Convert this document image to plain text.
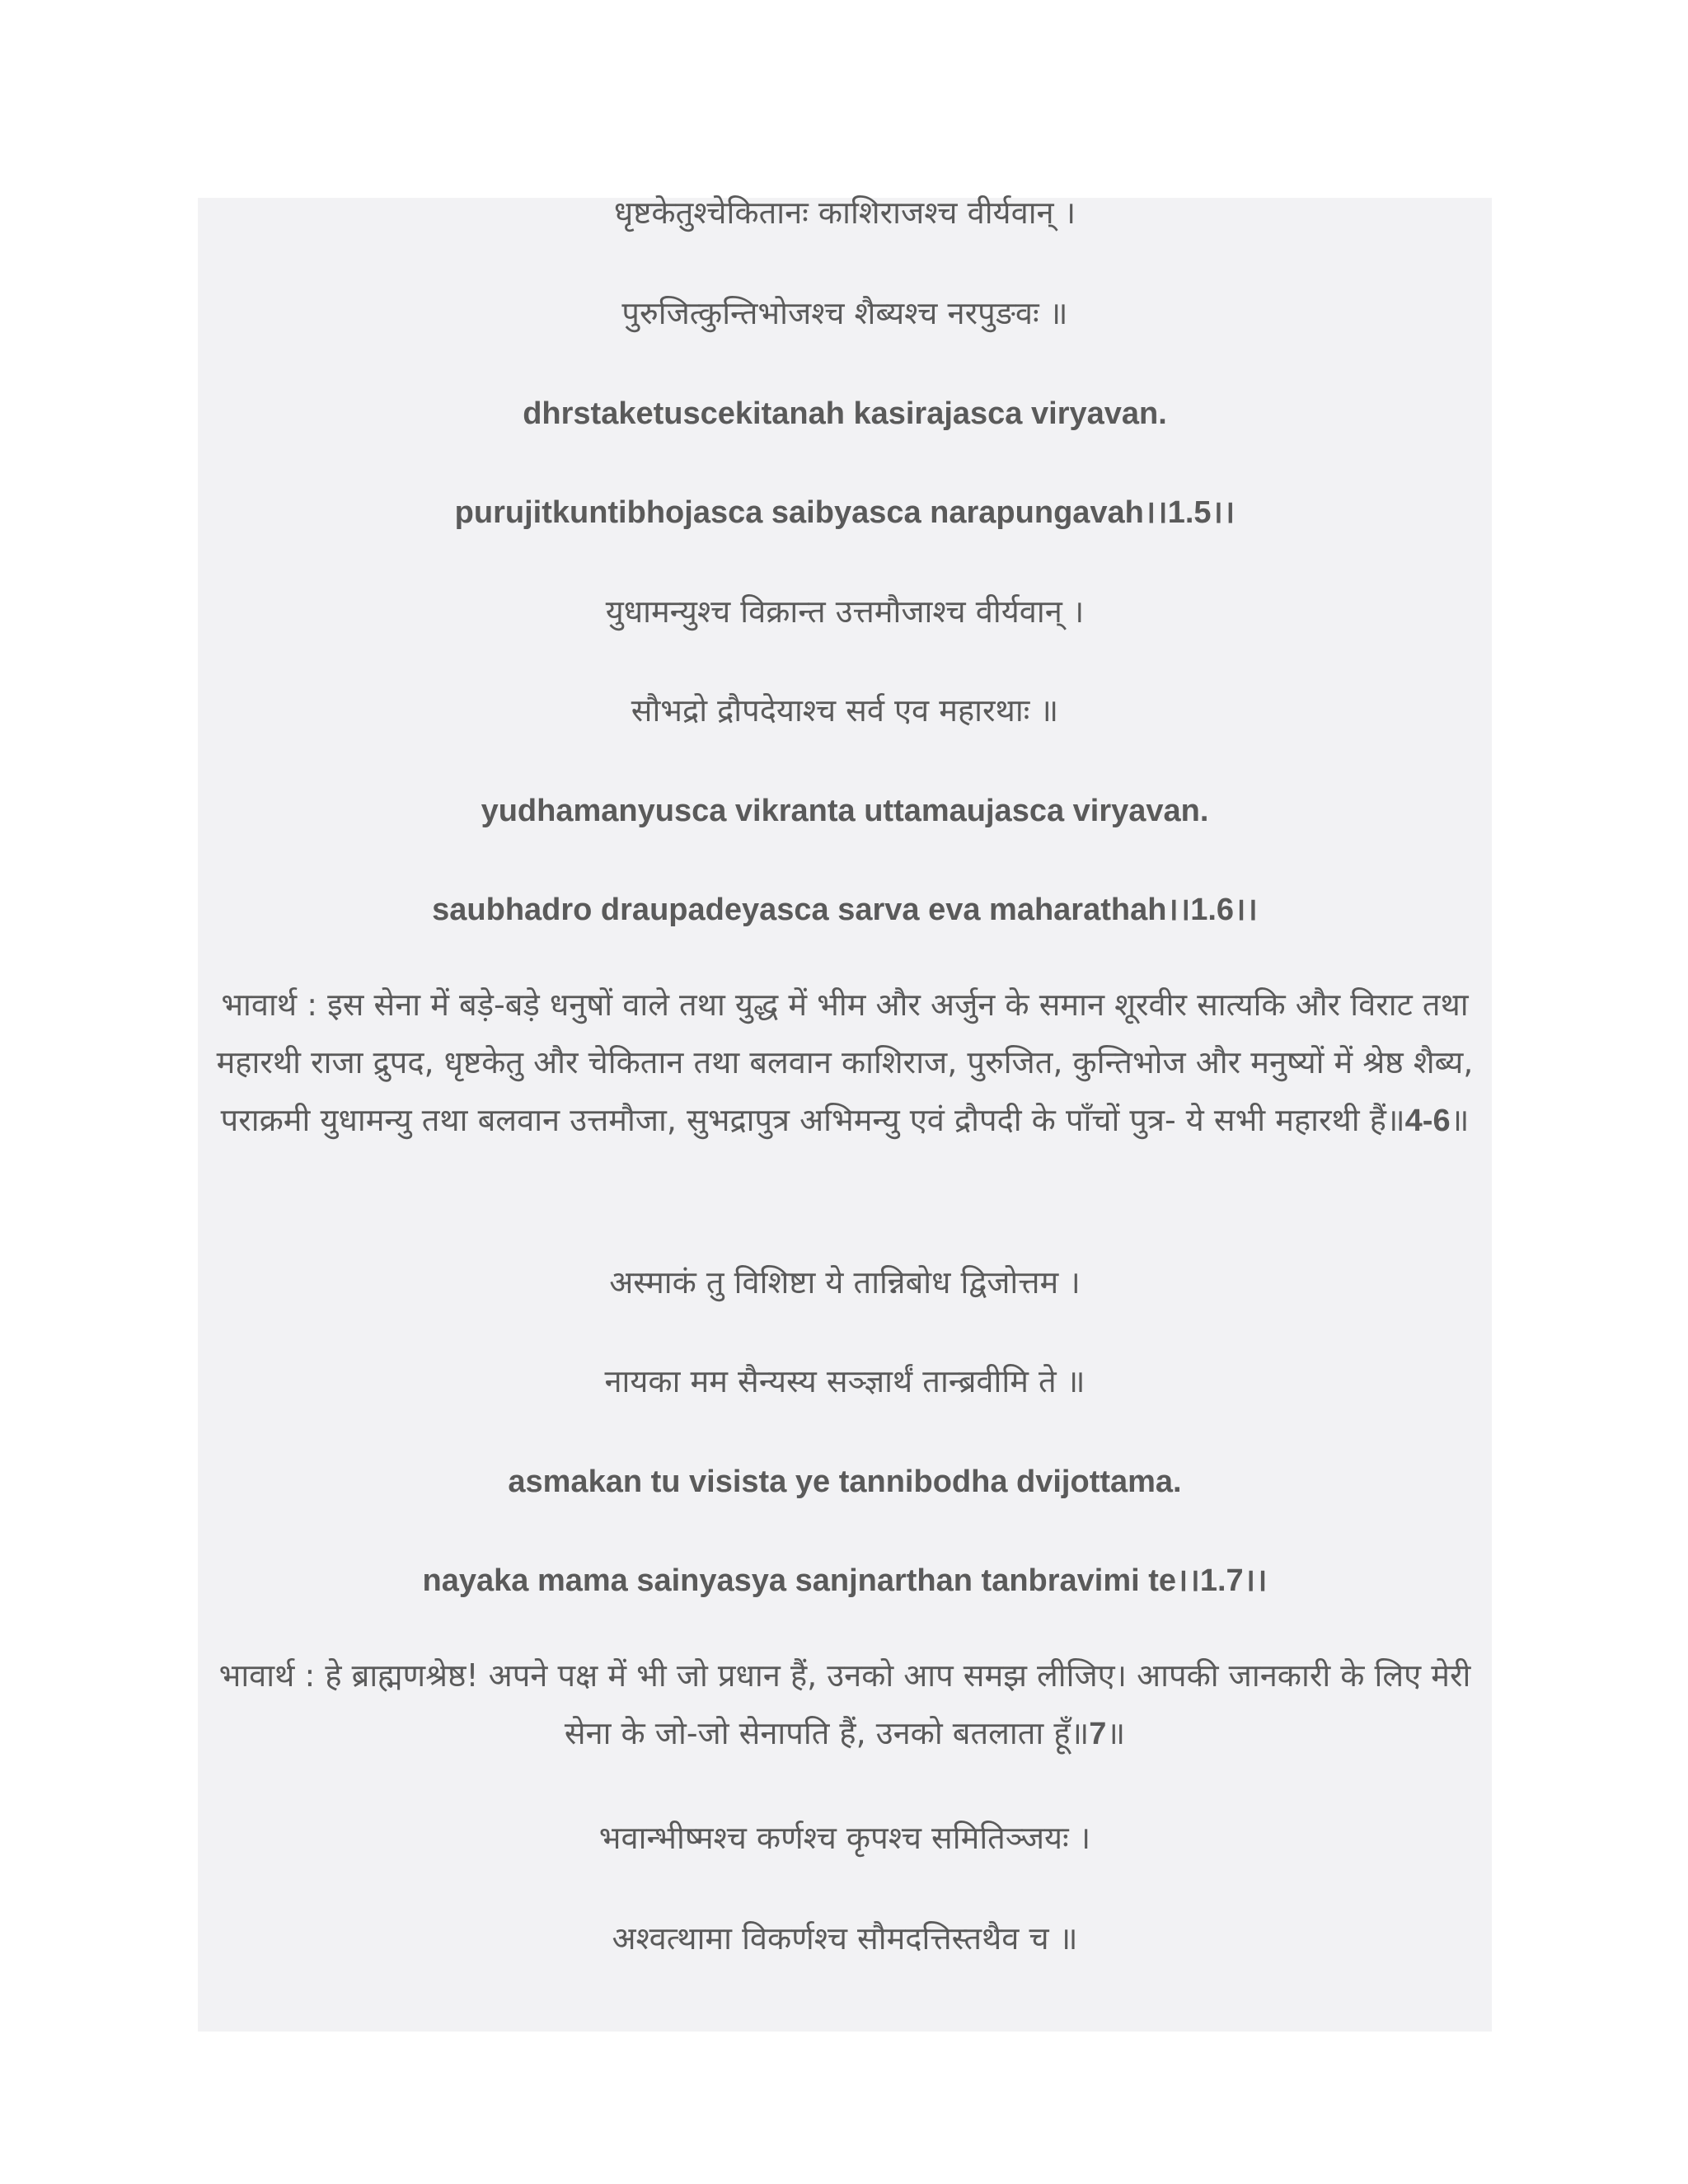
धृष्टकेतुश्चेकितानः काशिराजश्च वीर्यवान्‌ ।
पुरुजित्कुन्तिभोजश्च शैब्यश्च नरपुङवः ॥
dhrstaketuscekitanah kasirajasca viryavan.
purujitkuntibhojasca saibyasca narapungavah।।1.5।।
युधामन्युश्च विक्रान्त उत्तमौजाश्च वीर्यवान्‌ ।
सौभद्रो द्रौपदेयाश्च सर्व एव महारथाः ॥
yudhamanyusca vikranta uttamaujasca viryavan.
saubhadro draupadeyasca sarva eva maharathah।।1.6।।
भावार्थ : इस सेना में बड़े-बड़े धनुषों वाले तथा युद्ध में भीम और अर्जुन के समान शूरवीर सात्यकि और विराट तथा महारथी राजा द्रुपद, धृष्टकेतु और चेकितान तथा बलवान काशिराज, पुरुजित, कुन्तिभोज और मनुष्यों में श्रेष्ठ शैब्य, पराक्रमी युधामन्यु तथा बलवान उत्तमौजा, सुभद्रापुत्र अभिमन्यु एवं द्रौपदी के पाँचों पुत्र- ये सभी महारथी हैं॥4-6॥
अस्माकं तु विशिष्टा ये तान्निबोध द्विजोत्तम ।
नायका मम सैन्यस्य सञ्ज्ञार्थं तान्ब्रवीमि ते ॥
asmakan tu visista ye tannibodha dvijottama.
nayaka mama sainyasya sanjnarthan tanbravimi te।।1.7।।
भावार्थ : हे ब्राह्मणश्रेष्ठ! अपने पक्ष में भी जो प्रधान हैं, उनको आप समझ लीजिए। आपकी जानकारी के लिए मेरी सेना के जो-जो सेनापति हैं, उनको बतलाता हूँ॥7॥
भवान्भीष्मश्च कर्णश्च कृपश्च समितिञ्जयः ।
अश्वत्थामा विकर्णश्च सौमदत्तिस्तथैव च ॥
